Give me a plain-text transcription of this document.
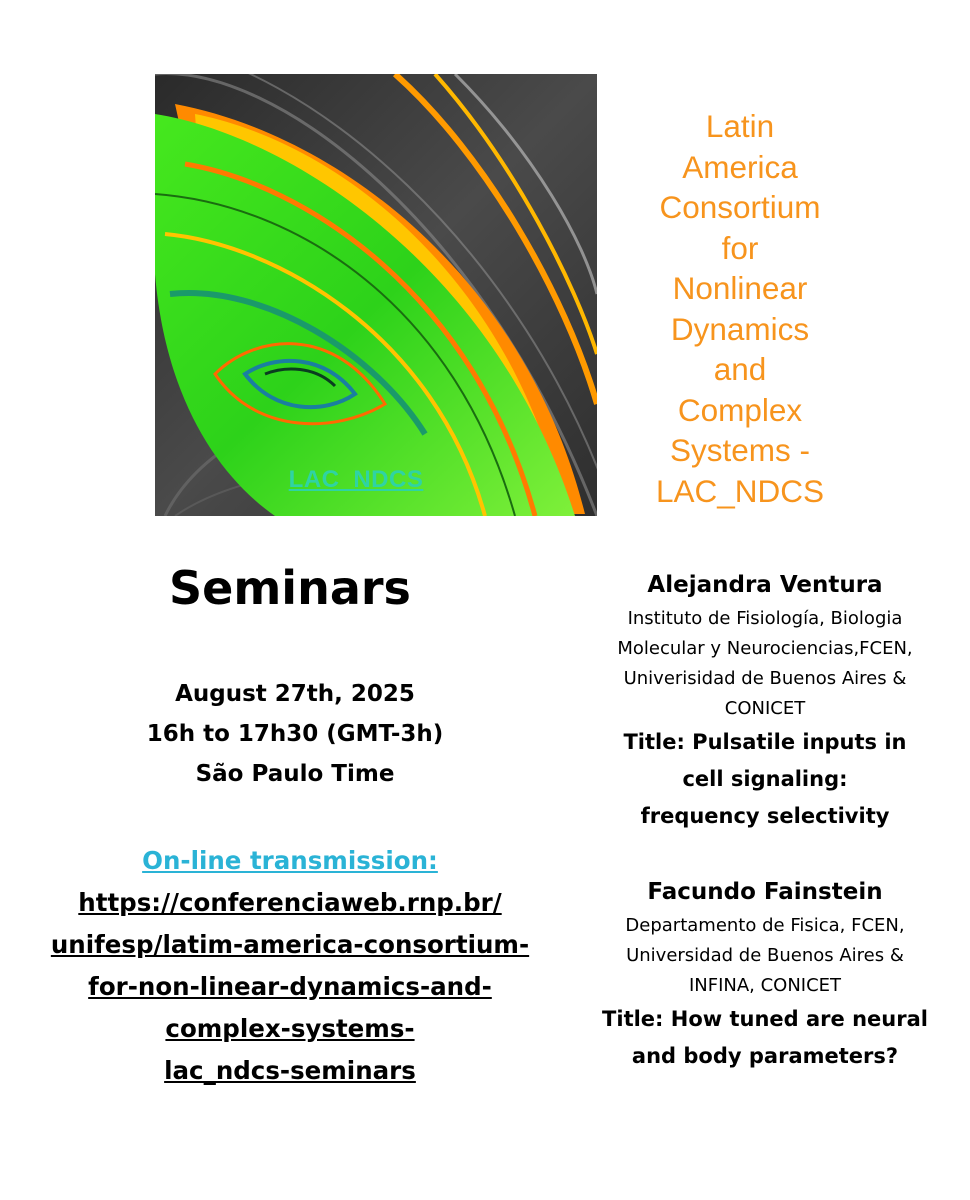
LAC_NDCS
Latin
America
Consortium
for
Nonlinear
Dynamics
and
Complex
Systems -
LAC_NDCS
Seminars
August 27th, 2025
16h to 17h30 (GMT-3h)
São Paulo Time
On-line transmission:
https://conferenciaweb.rnp.br/
unifesp/latim-america-consortium-
for-non-linear-dynamics-and-
complex-systems-
lac_ndcs-seminars
Alejandra Ventura
Instituto de Fisiología, Biologia
Molecular y Neurociencias,FCEN,
Univerisidad de Buenos Aires &
CONICET
Title: Pulsatile inputs in
cell signaling:
frequency selectivity
Facundo Fainstein
Departamento de Fisica, FCEN,
Universidad de Buenos Aires &
INFINA, CONICET
Title: How tuned are neural
and body parameters?
